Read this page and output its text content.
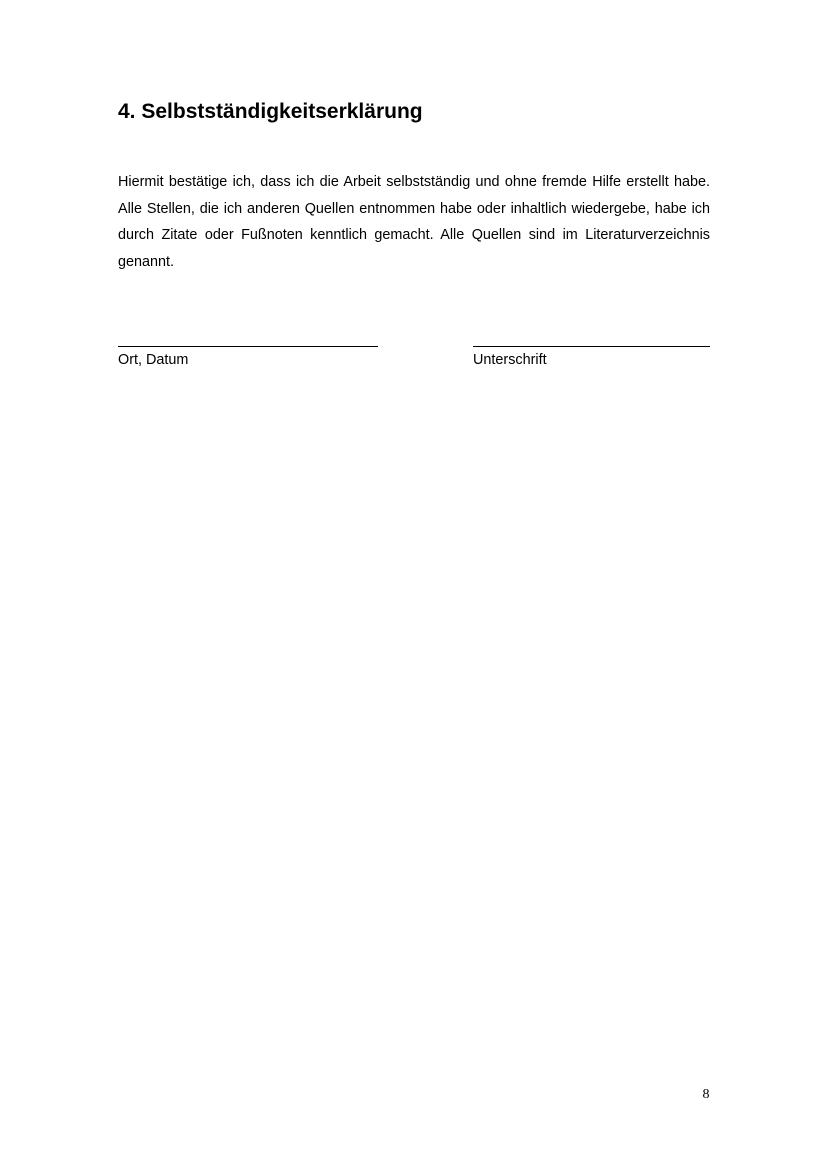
4. Selbstständigkeitserklärung

Hiermit bestätige ich, dass ich die Arbeit selbstständig und ohne fremde Hilfe erstellt habe. Alle Stellen, die ich anderen Quellen entnommen habe oder inhaltlich wiedergebe, habe ich durch Zitate oder Fußnoten kenntlich gemacht. Alle Quellen sind im Literaturverzeichnis genannt.

Ort, Datum	Unterschrift
8
